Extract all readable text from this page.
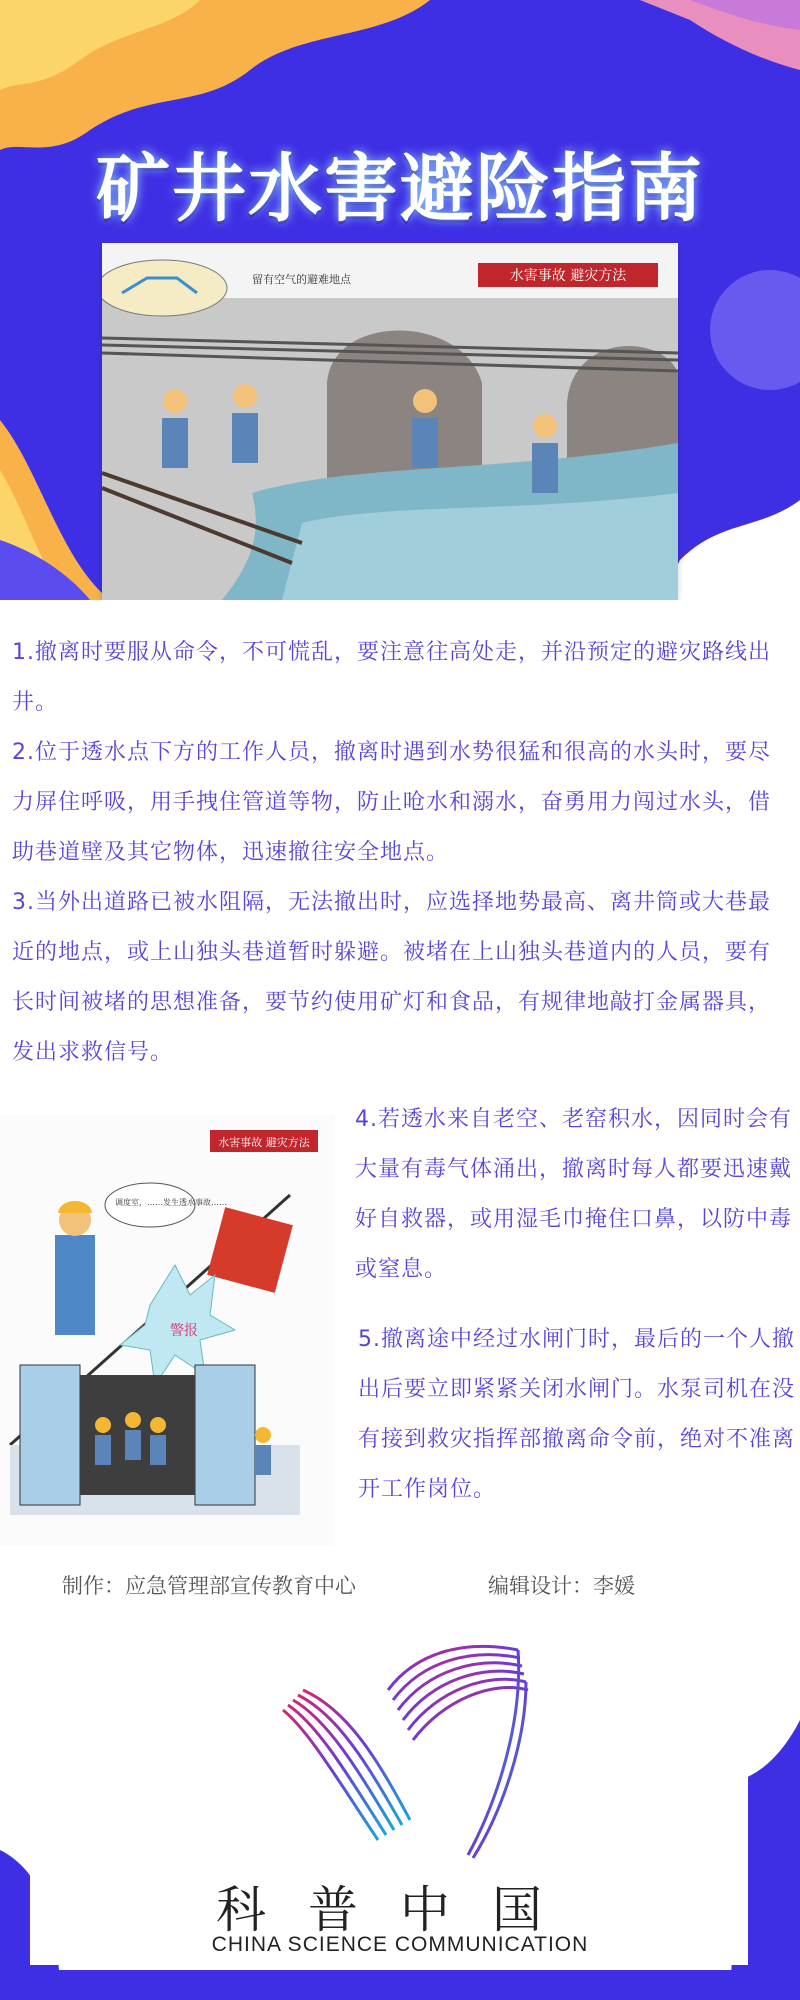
矿井水害避险指南
水害事故 避灾方法
留有空气的避难地点

1.撤离时要服从命令，不可慌乱，要注意往高处走，并沿预定的避灾路线出井。

2.位于透水点下方的工作人员，撤离时遇到水势很猛和很高的水头时，要尽力屏住呼吸，用手拽住管道等物，防止呛水和溺水，奋勇用力闯过水头，借助巷道壁及其它物体，迅速撤往安全地点。

3.当外出道路已被水阻隔，无法撤出时，应选择地势最高、离井筒或大巷最近的地点，或上山独头巷道暂时躲避。被堵在上山独头巷道内的人员，要有长时间被堵的思想准备，要节约使用矿灯和食品，有规律地敲打金属器具，发出求救信号。

水害事故 避灾方法
调度室，……发生透水事故……
警报

4.若透水来自老空、老窑积水，因同时会有大量有毒气体涌出，撤离时每人都要迅速戴好自救器，或用湿毛巾掩住口鼻，以防中毒或窒息。

5.撤离途中经过水闸门时，最后的一个人撤出后要立即紧紧关闭水闸门。水泵司机在没有接到救灾指挥部撤离命令前，绝对不准离开工作岗位。

制作：应急管理部宣传教育中心	编辑设计：李媛

科普中国

CHINA SCIENCE COMMUNICATION
